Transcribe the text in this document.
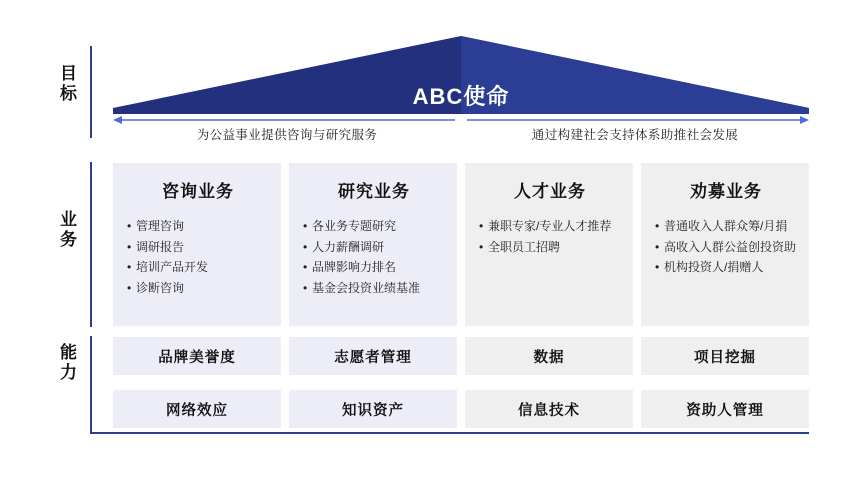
目
标
业
务
能
力
ABC使命
为公益事业提供咨询与研究服务	通过构建社会支持体系助推社会发展
咨询业务
• 管理咨询
• 调研报告
• 培训产品开发
• 诊断咨询
研究业务
• 各业务专题研究
• 人力薪酬调研
• 品牌影响力排名
• 基金会投资业绩基准
人才业务
• 兼职专家/专业人才推荐
• 全职员工招聘
劝募业务
• 普通收入人群众筹/月捐
• 高收入人群公益创投资助
• 机构投资人/捐赠人
品牌美誉度	志愿者管理	数据	项目挖掘
网络效应	知识资产	信息技术	资助人管理
